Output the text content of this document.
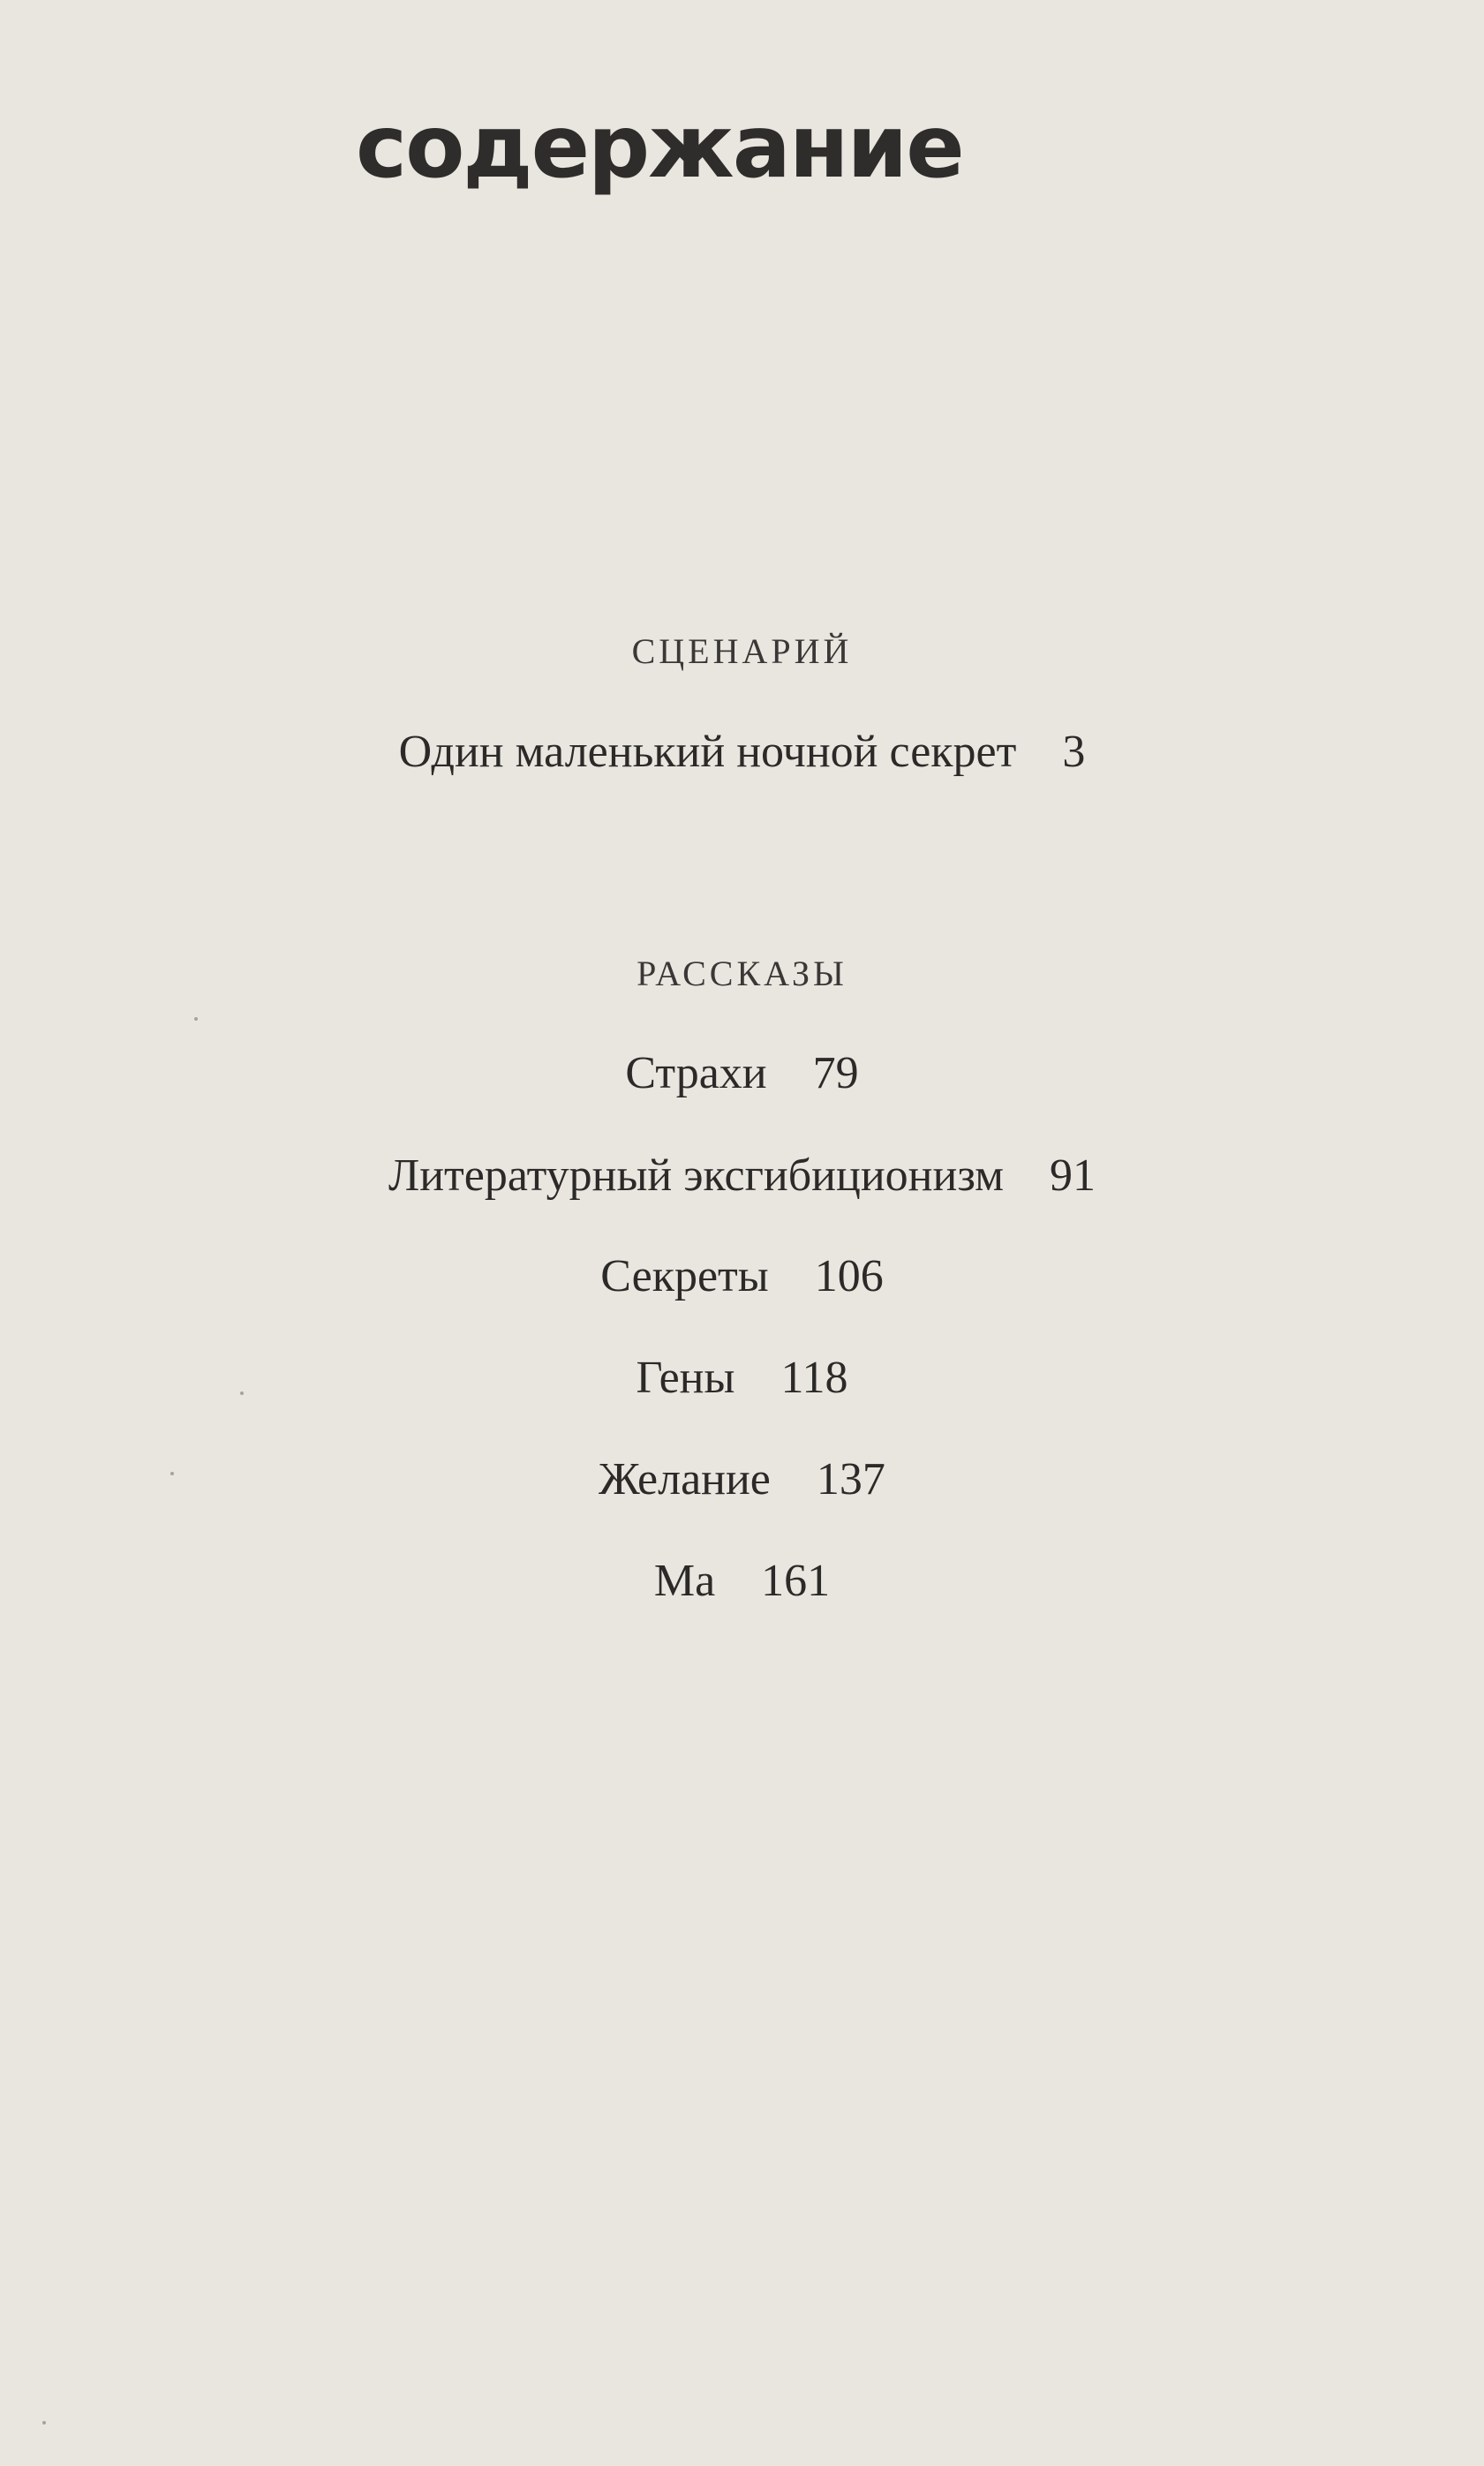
содержание
СЦЕНАРИЙ
Один маленький ночной секрет 3
РАССКАЗЫ
Страхи 79
Литературный эксгибиционизм 91
Секреты 106
Гены 118
Желание 137
Ма 161
